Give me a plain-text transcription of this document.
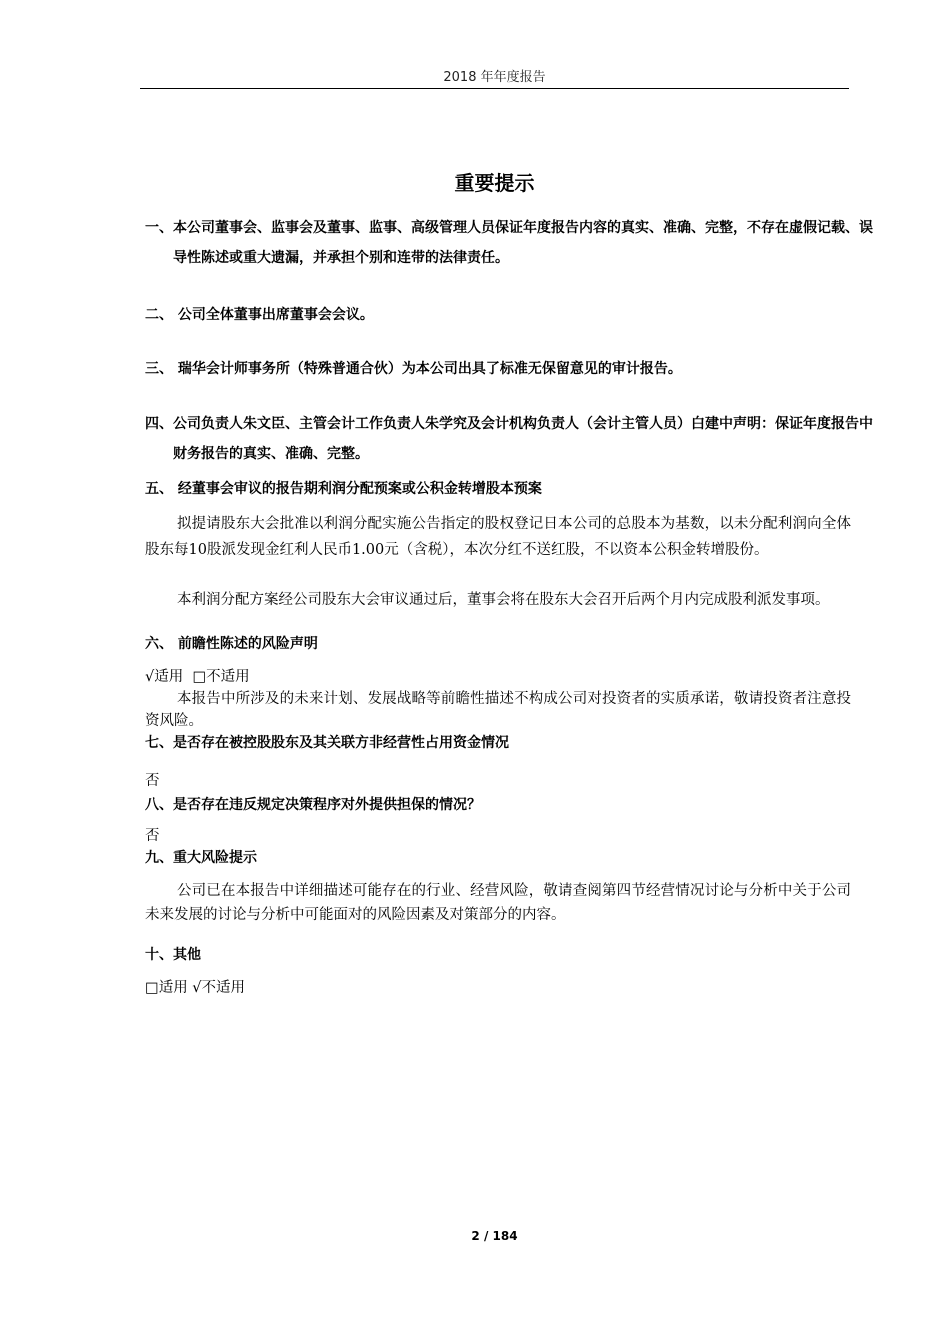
2018 年年度报告
重要提示
一、本公司董事会、监事会及董事、监事、高级管理人员保证年度报告内容的真实、准确、完整，不存在虚假记载、误导性陈述或重大遗漏，并承担个别和连带的法律责任。
二、 公司全体董事出席董事会会议。
三、 瑞华会计师事务所（特殊普通合伙）为本公司出具了标准无保留意见的审计报告。
四、公司负责人朱文臣、主管会计工作负责人朱学究及会计机构负责人（会计主管人员）白建中声明：保证年度报告中财务报告的真实、准确、完整。
五、 经董事会审议的报告期利润分配预案或公积金转增股本预案
拟提请股东大会批准以利润分配实施公告指定的股权登记日本公司的总股本为基数，以未分配利润向全体股东每10股派发现金红利人民币1.00元（含税），本次分红不送红股，不以资本公积金转增股份。
本利润分配方案经公司股东大会审议通过后，董事会将在股东大会召开后两个月内完成股利派发事项。
六、 前瞻性陈述的风险声明
√适用  □不适用
本报告中所涉及的未来计划、发展战略等前瞻性描述不构成公司对投资者的实质承诺，敬请投资者注意投资风险。
七、是否存在被控股股东及其关联方非经营性占用资金情况
否
八、是否存在违反规定决策程序对外提供担保的情况？
否
九、重大风险提示
公司已在本报告中详细描述可能存在的行业、经营风险，敬请查阅第四节经营情况讨论与分析中关于公司未来发展的讨论与分析中可能面对的风险因素及对策部分的内容。
十、其他
□适用 √不适用
2 / 184
